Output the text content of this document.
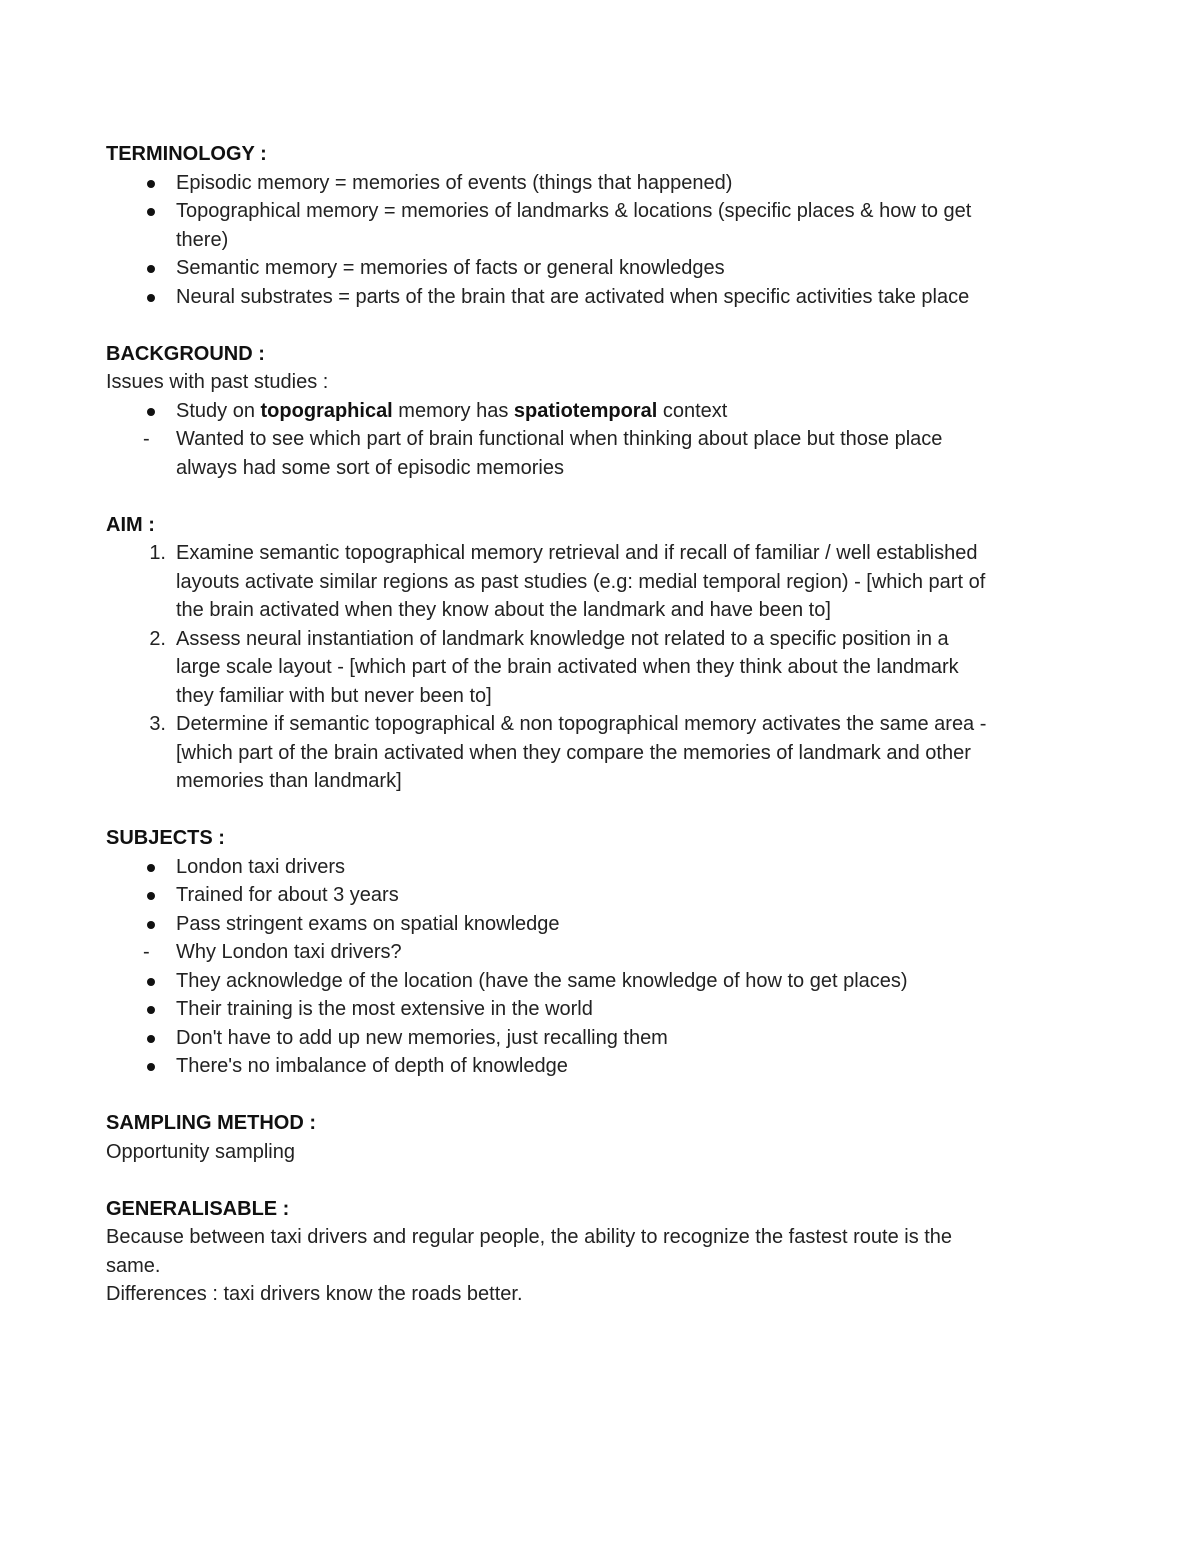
TERMINOLOGY :

Episodic memory = memories of events (things that happened)
Topographical memory = memories of landmarks & locations (specific places & how to get there)
Semantic memory = memories of facts or general knowledges
Neural substrates = parts of the brain that are activated when specific activities take place

BACKGROUND :

Issues with past studies :

Study on topographical memory has spatiotemporal context
Wanted to see which part of brain functional when thinking about place but those place always had some sort of episodic memories

AIM :

1. Examine semantic topographical memory retrieval and if recall of familiar / well established layouts activate similar regions as past studies (e.g: medial temporal region) - [which part of the brain activated when they know about the landmark and have been to]
2. Assess neural instantiation of landmark knowledge not related to a specific position in a large scale layout - [which part of the brain activated when they think about the landmark they familiar with but never been to]
3. Determine if semantic topographical & non topographical memory activates the same area - [which part of the brain activated when they compare the memories of landmark and other memories than landmark]

SUBJECTS :

London taxi drivers
Trained for about 3 years
Pass stringent exams on spatial knowledge
Why London taxi drivers?
They acknowledge of the location (have the same knowledge of how to get places)
Their training is the most extensive in the world
Don't have to add up new memories, just recalling them
There's no imbalance of depth of knowledge

SAMPLING METHOD :

Opportunity sampling

GENERALISABLE :

Because between taxi drivers and regular people, the ability to recognize the fastest route is the same.

Differences : taxi drivers know the roads better.
